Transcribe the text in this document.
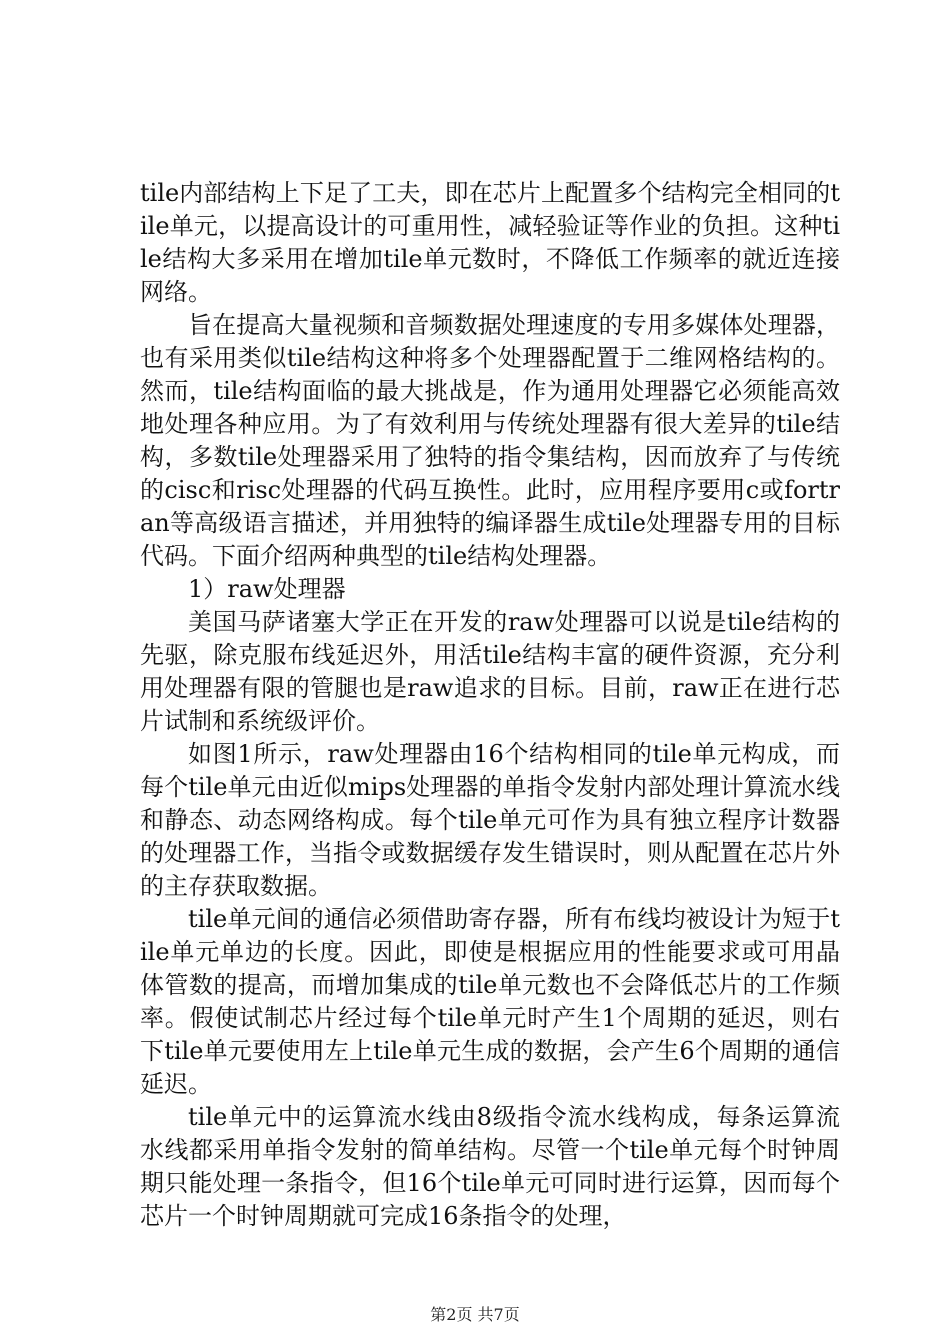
tile内部结构上下足了工夫，即在芯片上配置多个结构完全相同的tile单元，以提高设计的可重用性，减轻验证等作业的负担。这种tile结构大多采用在增加tile单元数时，不降低工作频率的就近连接网络。

旨在提高大量视频和音频数据处理速度的专用多媒体处理器，也有采用类似tile结构这种将多个处理器配置于二维网格结构的。然而，tile结构面临的最大挑战是，作为通用处理器它必须能高效地处理各种应用。为了有效利用与传统处理器有很大差异的tile结构，多数tile处理器采用了独特的指令集结构，因而放弃了与传统的cisc和risc处理器的代码互换性。此时，应用程序要用c或fortran等高级语言描述，并用独特的编译器生成tile处理器专用的目标代码。下面介绍两种典型的tile结构处理器。

1）raw处理器

美国马萨诸塞大学正在开发的raw处理器可以说是tile结构的先驱，除克服布线延迟外，用活tile结构丰富的硬件资源，充分利用处理器有限的管腿也是raw追求的目标。目前，raw正在进行芯片试制和系统级评价。

如图1所示，raw处理器由16个结构相同的tile单元构成，而每个tile单元由近似mips处理器的单指令发射内部处理计算流水线和静态、动态网络构成。每个tile单元可作为具有独立程序计数器的处理器工作，当指令或数据缓存发生错误时，则从配置在芯片外的主存获取数据。

tile单元间的通信必须借助寄存器，所有布线均被设计为短于tile单元单边的长度。因此，即使是根据应用的性能要求或可用晶体管数的提高，而增加集成的tile单元数也不会降低芯片的工作频率。假使试制芯片经过每个tile单元时产生1个周期的延迟，则右下tile单元要使用左上tile单元生成的数据，会产生6个周期的通信延迟。

tile单元中的运算流水线由8级指令流水线构成，每条运算流水线都采用单指令发射的简单结构。尽管一个tile单元每个时钟周期只能处理一条指令，但16个tile单元可同时进行运算，因而每个芯片一个时钟周期就可完成16条指令的处理，

第2页 共7页
